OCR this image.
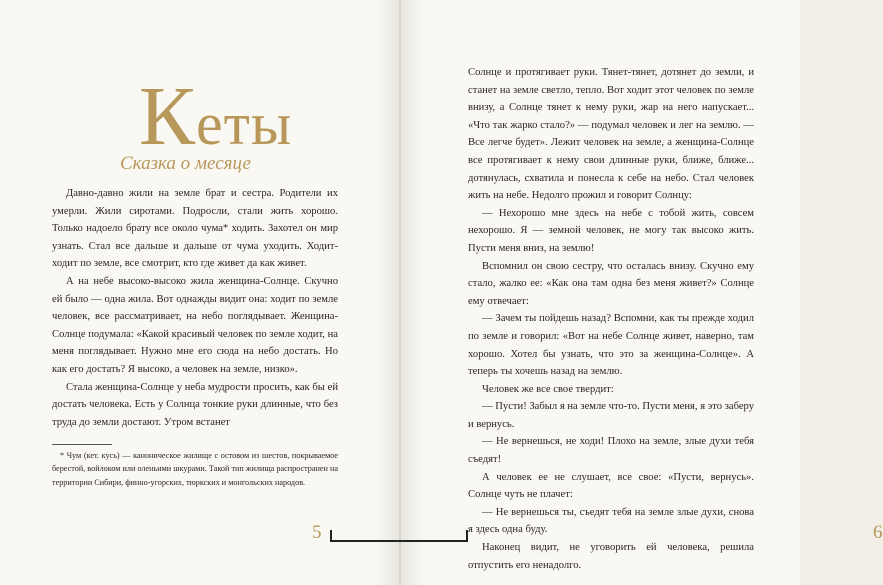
Кеты
Сказка о месяце

Давно-давно жили на земле брат и сестра. Родители их умерли. Жили сиротами. Подросли, стали жить хорошо. Только надоело брату все около чума* ходить. Захотел он мир узнать. Стал все дальше и дальше от чума уходить. Ходит-ходит по земле, все смотрит, кто где живет да как живет.

А на небе высоко-высоко жила женщина-Солнце. Скучно ей было — одна жила. Вот однажды видит она: ходит по земле человек, все рассматривает, на небо поглядывает. Женщина-Солнце подумала: «Какой красивый человек по земле ходит, на меня поглядывает. Нужно мне его сюда на небо достать. Но как его достать? Я высоко, а человек на земле, низко».

Стала женщина-Солнце у неба мудрости просить, как бы ей достать человека. Есть у Солнца тонкие руки длинные, что без труда до земли достают. Утром встанет

* Чум (кет. кусь) — каноническое жилище с остовом из шестов, покрываемое берестой, войлоком или оленьими шкурами. Такой тип жилища распространен на территории Сибири, финно-угорских, тюркских и монгольских народов.

5	6

Солнце и протягивает руки. Тянет-тянет, дотянет до земли, и станет на земле светло, тепло. Вот ходит этот человек по земле внизу, а Солнце тянет к нему руки, жар на него напускает... «Что так жарко стало?» — подумал человек и лег на землю. — Все легче будет». Лежит человек на земле, а женщина-Солнце все протягивает к нему свои длинные руки, ближе, ближе... дотянулась, схватила и понесла к себе на небо. Стал человек жить на небе. Недолго прожил и говорит Солнцу:

— Нехорошо мне здесь на небе с тобой жить, совсем нехорошо. Я — земной человек, не могу так высоко жить. Пусти меня вниз, на землю!

Вспомнил он свою сестру, что осталась внизу. Скучно ему стало, жалко ее: «Как она там одна без меня живет?» Солнце ему отвечает:

— Зачем ты пойдешь назад? Вспомни, как ты прежде ходил по земле и говорил: «Вот на небе Солнце живет, наверно, там хорошо. Хотел бы узнать, что это за женщина-Солнце». А теперь ты хочешь назад на землю.

Человек же все свое твердит:

— Пусти! Забыл я на земле что-то. Пусти меня, я это заберу и вернусь.

— Не вернешься, не ходи! Плохо на земле, злые духи тебя съедят!

А человек ее не слушает, все свое: «Пусти, вернусь». Солнце чуть не плачет:

— Не вернешься ты, съедят тебя на земле злые духи, снова я здесь одна буду.

Наконец видит, не уговорить ей человека, решила отпустить его ненадолго.
